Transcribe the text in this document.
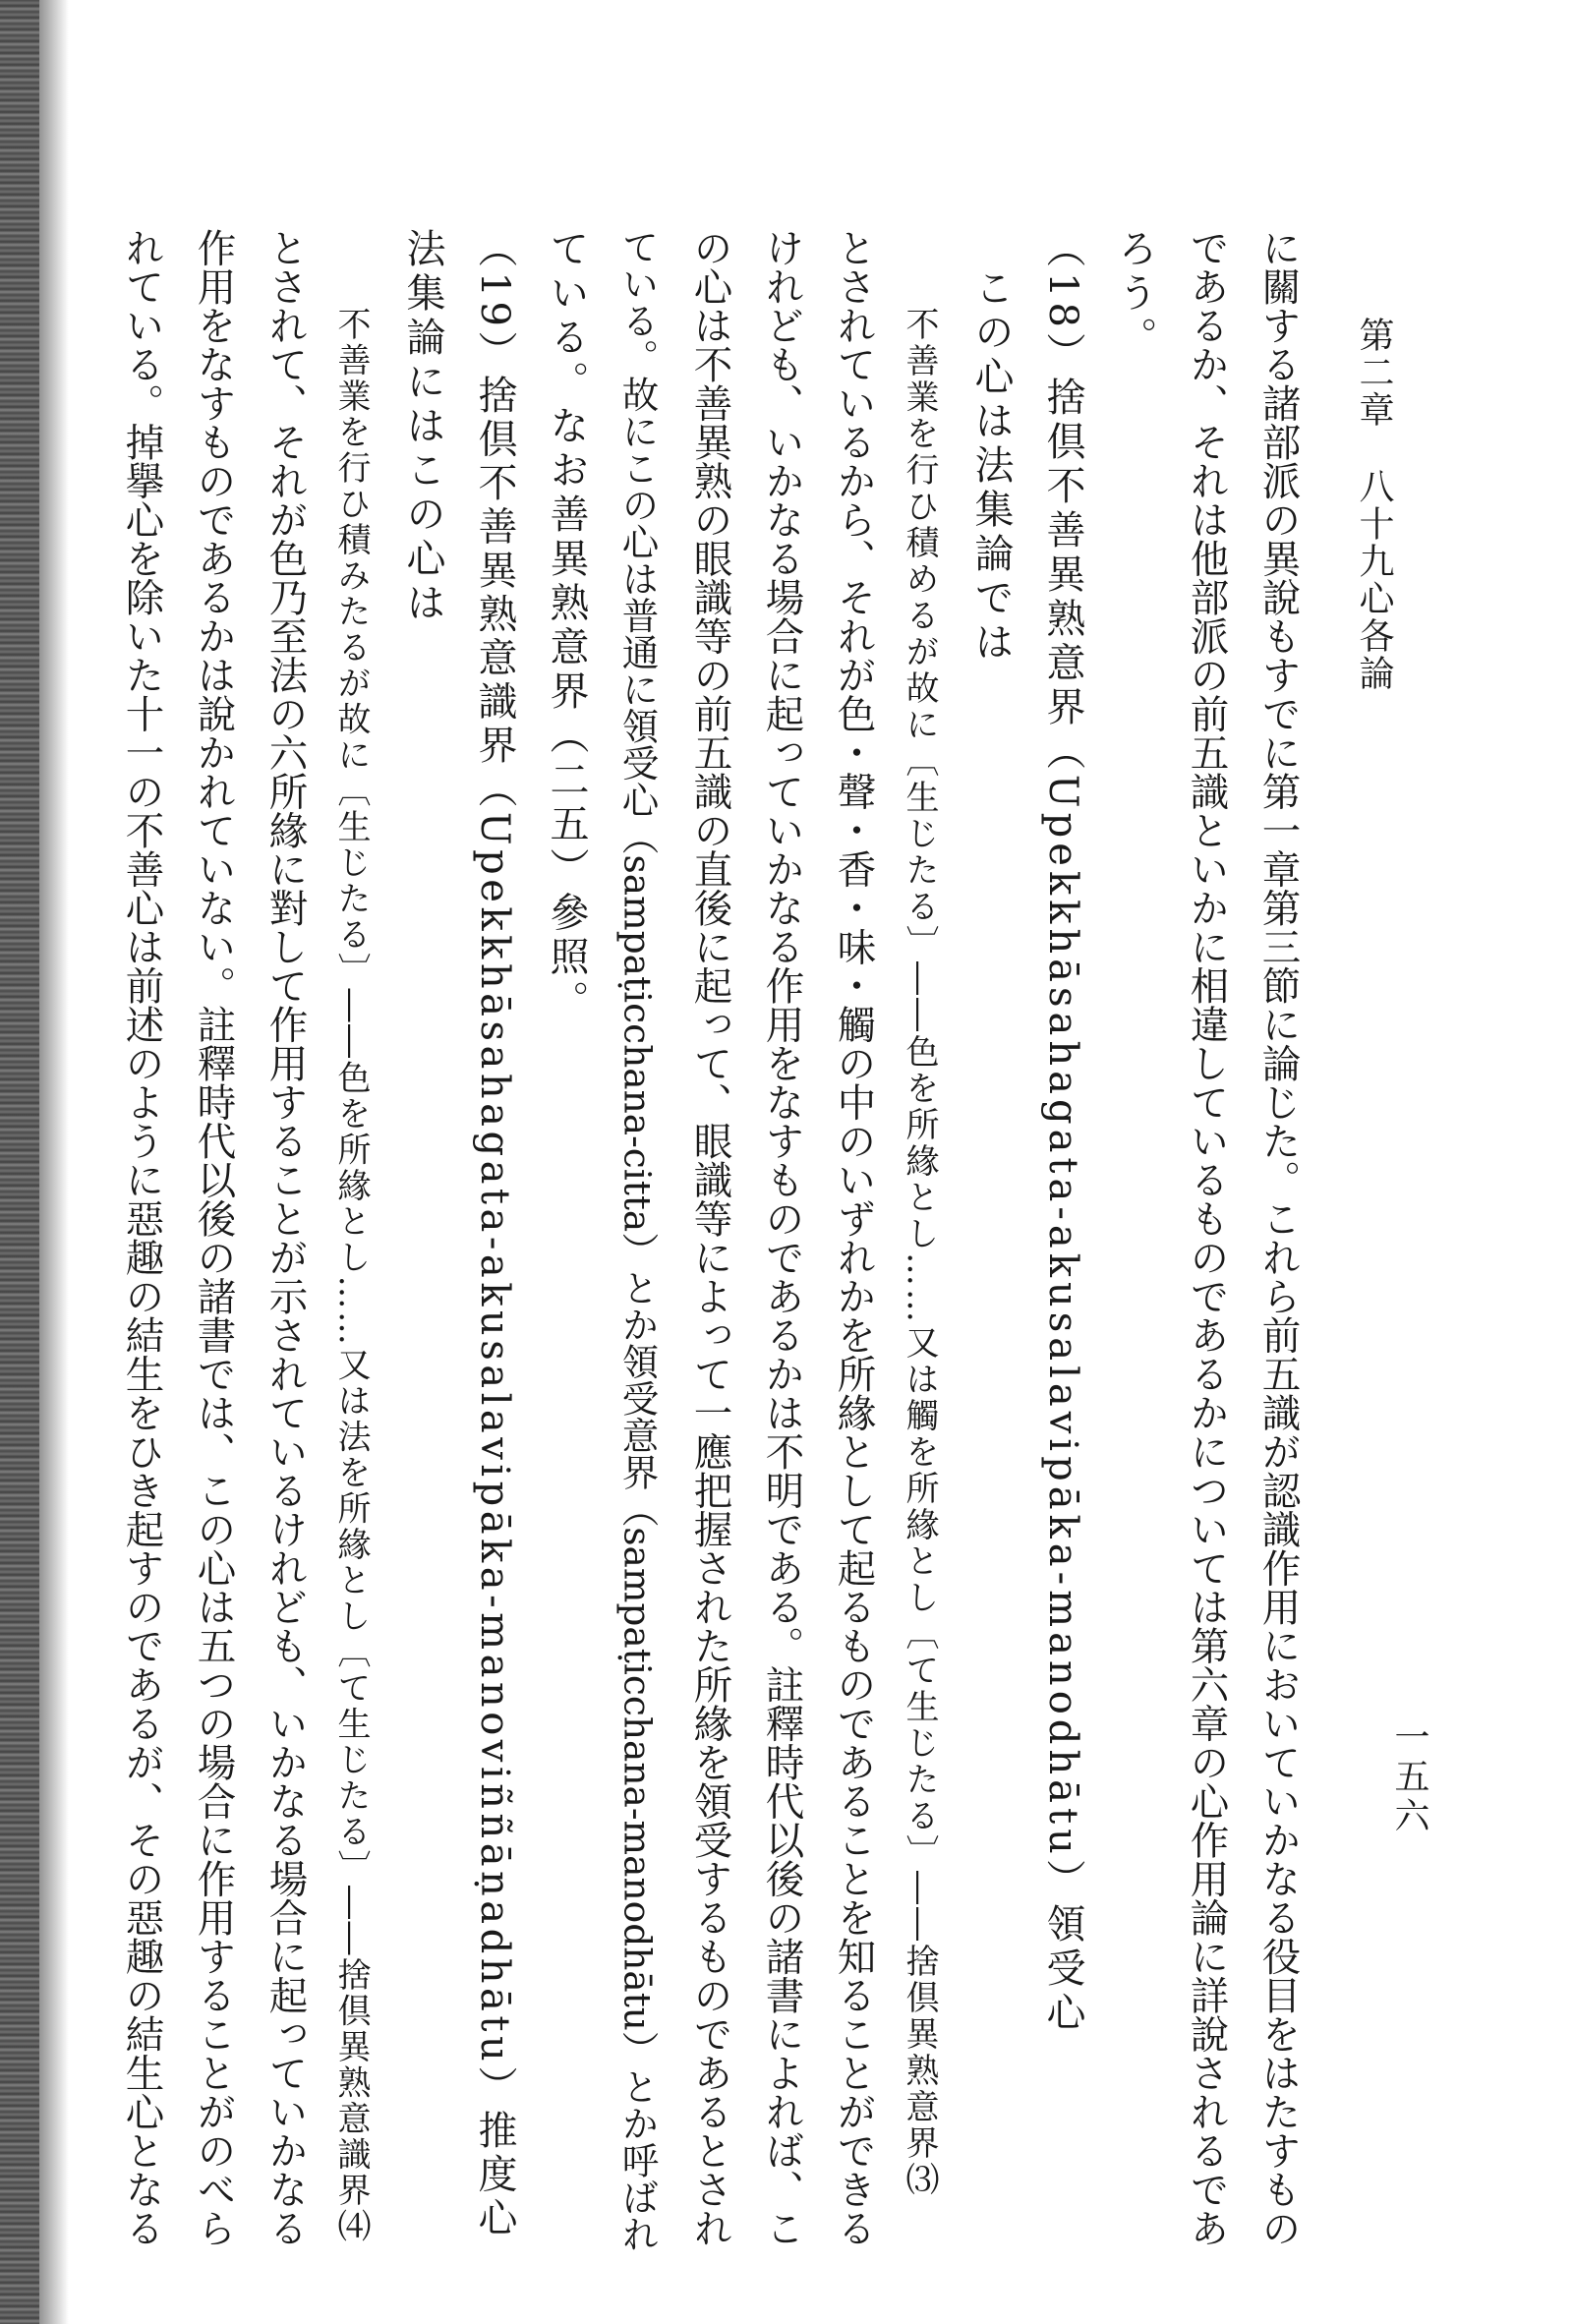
一五六
第二章八十九心各論
に關する諸部派の異說もすでに第一章第三節に論じた。これら前五識が認識作用においていかなる役目をはたすもの
であるか、それは他部派の前五識といかに相違しているものであるかについては第六章の心作用論に詳說されるであ
ろう。
（18）捨倶不善異熟意界（Upekkhāsahagata-akusalavipāka-manodhātu）領受心
この心は法集論では
不善業を行ひ積めるが故に〔生じたる〕――色を所緣とし……又は觸を所緣とし〔て生じたる〕――捨倶異熟意界⑶
とされているから、それが色・聲・香・味・觸の中のいずれかを所緣として起るものであることを知ることができる
けれども、いかなる場合に起っていかなる作用をなすものであるかは不明である。註釋時代以後の諸書によれば、こ
の心は不善異熟の眼識等の前五識の直後に起って、眼識等によって一應把握された所緣を領受するものであるとされ
ている。故にこの心は普通に領受心（sampaṭicchana-citta）とか領受意界（sampaṭicchana-manodhātu）とか呼ばれ
ている。なお善異熟意界（二五）參照。
（19）捨倶不善異熟意識界（Upekkhāsahagata-akusalavipāka-manoviññāṇadhātu）推度心
法集論にはこの心は
不善業を行ひ積みたるが故に〔生じたる〕――色を所緣とし……又は法を所緣とし〔て生じたる〕――捨倶異熟意識界⑷
とされて、それが色乃至法の六所緣に對して作用することが示されているけれども、いかなる場合に起っていかなる
作用をなすものであるかは說かれていない。註釋時代以後の諸書では、この心は五つの場合に作用することがのべら
れている。掉擧心を除いた十一の不善心は前述のように惡趣の結生をひき起すのであるが、その惡趣の結生心となる
